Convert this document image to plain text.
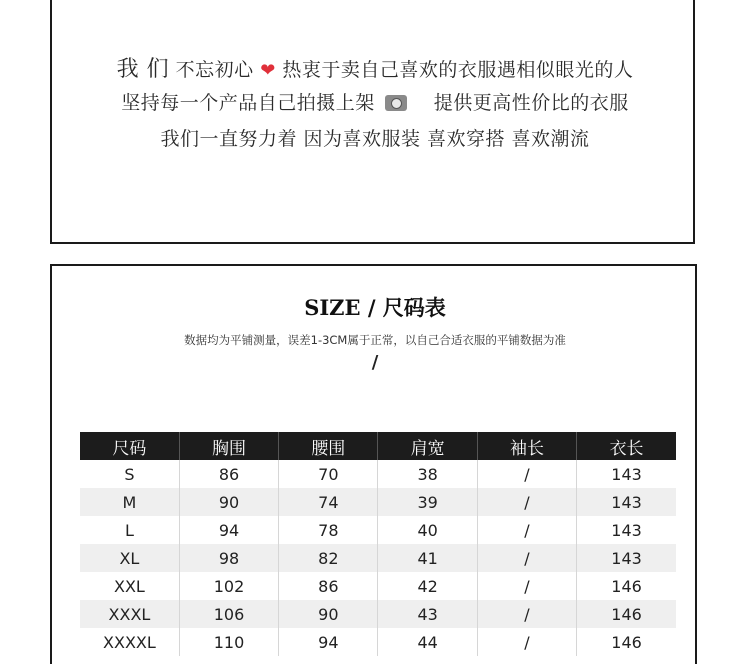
我 们 不忘初心 ❤ 热衷于卖自己喜欢的衣服遇相似眼光的人
坚持每一个产品自己拍摄上架	提供更高性价比的衣服
我们一直努力着 因为喜欢服装 喜欢穿搭 喜欢潮流
SIZE / 尺码表
数据均为平铺测量，误差1-3CM属于正常，以自己合适衣服的平铺数据为准
/
尺码	胸围	腰围	肩宽	袖长	衣长
S	86	70	38	/	143
M	90	74	39	/	143
L	94	78	40	/	143
XL	98	82	41	/	143
XXL	102	86	42	/	146
XXXL	106	90	43	/	146
XXXXL	110	94	44	/	146
